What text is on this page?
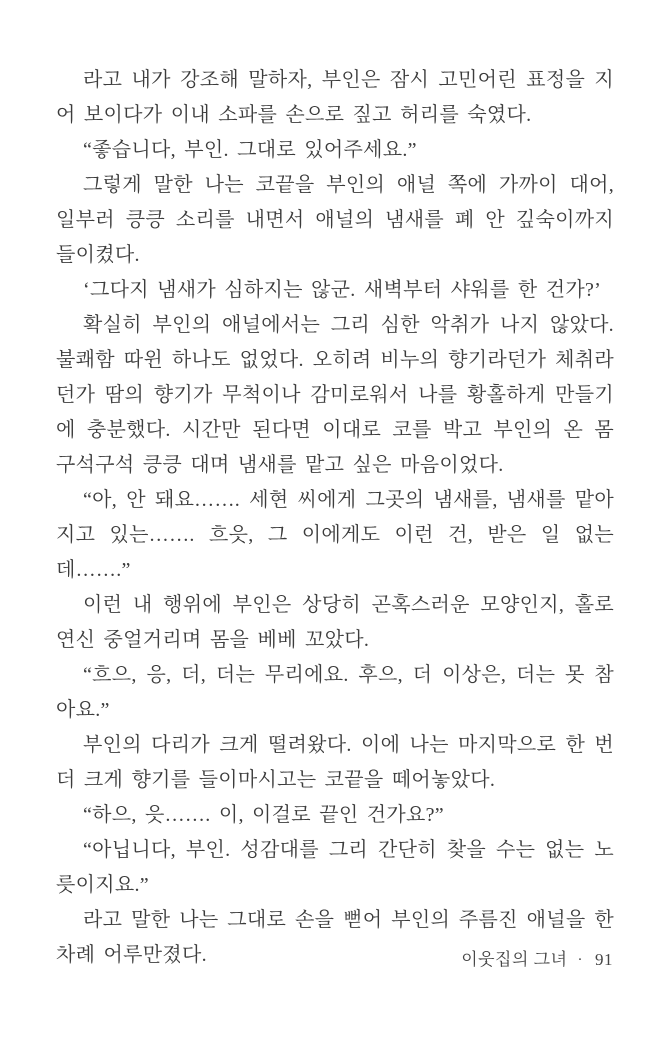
라고 내가 강조해 말하자, 부인은 잠시 고민어린 표정을 지어 보이다가 이내 소파를 손으로 짚고 허리를 숙였다.

“좋습니다, 부인. 그대로 있어주세요.”

그렇게 말한 나는 코끝을 부인의 애널 쪽에 가까이 대어, 일부러 킁킁 소리를 내면서 애널의 냄새를 폐 안 깊숙이까지 들이켰다.

‘그다지 냄새가 심하지는 않군. 새벽부터 샤워를 한 건가?’

확실히 부인의 애널에서는 그리 심한 악취가 나지 않았다. 불쾌함 따윈 하나도 없었다. 오히려 비누의 향기라던가 체취라던가 땀의 향기가 무척이나 감미로워서 나를 황홀하게 만들기에 충분했다. 시간만 된다면 이대로 코를 박고 부인의 온 몸 구석구석 킁킁 대며 냄새를 맡고 싶은 마음이었다.

“아, 안 돼요……. 세현 씨에게 그곳의 냄새를, 냄새를 맡아지고 있는……. 흐읏, 그 이에게도 이런 건, 받은 일 없는데…….”

이런 내 행위에 부인은 상당히 곤혹스러운 모양인지, 홀로 연신 중얼거리며 몸을 베베 꼬았다.

“흐으, 응, 더, 더는 무리에요. 후으, 더 이상은, 더는 못 참아요.”

부인의 다리가 크게 떨려왔다. 이에 나는 마지막으로 한 번 더 크게 향기를 들이마시고는 코끝을 떼어놓았다.

“하으, 읏……. 이, 이걸로 끝인 건가요?”

“아닙니다, 부인. 성감대를 그리 간단히 찾을 수는 없는 노릇이지요.”

라고 말한 나는 그대로 손을 뻗어 부인의 주름진 애널을 한 차례 어루만졌다.	이웃집의 그녀 · 91
